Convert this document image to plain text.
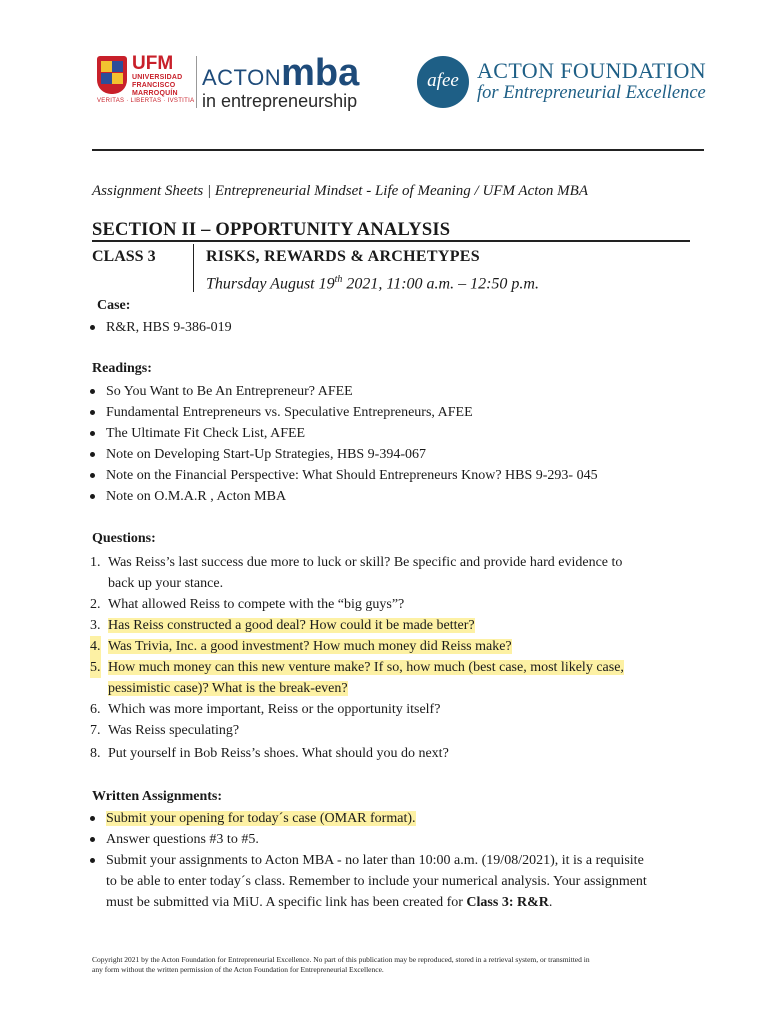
UFM
UNIVERSIDAD
FRANCISCO
MARROQUÍN
VERITAS · LIBERTAS · IVSTITIA
ACTONmba
in entrepreneurship
afee ACTON FOUNDATION
for Entrepreneurial Excellence
Assignment Sheets | Entrepreneurial Mindset - Life of Meaning / UFM Acton MBA
SECTION II – OPPORTUNITY ANALYSIS
CLASS 3	RISKS, REWARDS & ARCHETYPES
Thursday August 19th 2021, 11:00 a.m. – 12:50 p.m.
Case:
R&R, HBS 9-386-019
Readings:
So You Want to Be An Entrepreneur? AFEE
Fundamental Entrepreneurs vs. Speculative Entrepreneurs, AFEE
The Ultimate Fit Check List, AFEE
Note on Developing Start-Up Strategies, HBS 9-394-067
Note on the Financial Perspective: What Should Entrepreneurs Know? HBS 9-293- 045
Note on O.M.A.R , Acton MBA
Questions:
1. Was Reiss’s last success due more to luck or skill? Be specific and provide hard evidence to
back up your stance.
2. What allowed Reiss to compete with the “big guys”?
3. Has Reiss constructed a good deal? How could it be made better?
4. Was Trivia, Inc. a good investment? How much money did Reiss make?
5. How much money can this new venture make? If so, how much (best case, most likely case,
pessimistic case)? What is the break-even?
6. Which was more important, Reiss or the opportunity itself?
7. Was Reiss speculating?
8. Put yourself in Bob Reiss’s shoes. What should you do next?
Written Assignments:
Submit your opening for today´s case (OMAR format).
Answer questions #3 to #5.
Submit your assignments to Acton MBA - no later than 10:00 a.m. (19/08/2021), it is a requisite
to be able to enter today´s class. Remember to include your numerical analysis. Your assignment
must be submitted via MiU. A specific link has been created for Class 3: R&R.
Copyright 2021 by the Acton Foundation for Entrepreneurial Excellence. No part of this publication may be reproduced, stored in a retrieval system, or transmitted in
any form without the written permission of the Acton Foundation for Entrepreneurial Excellence.
